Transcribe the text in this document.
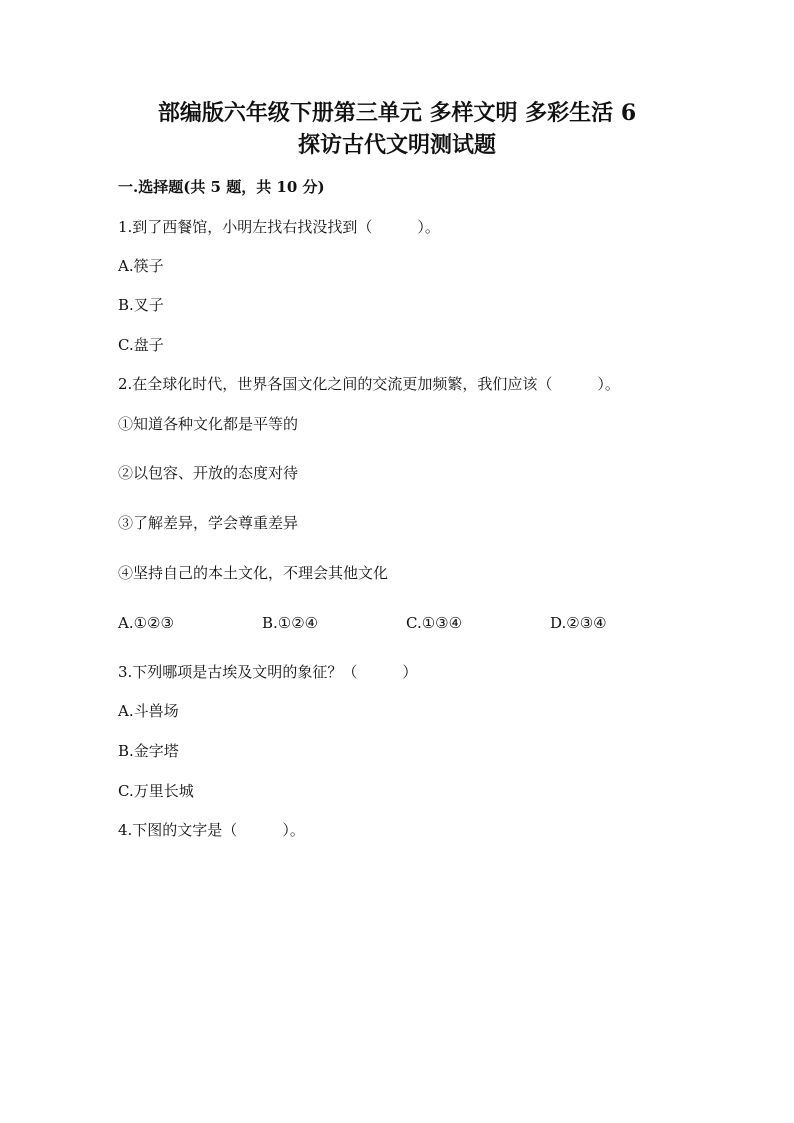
部编版六年级下册第三单元 多样文明 多彩生活 6
探访古代文明测试题
一.选择题(共 5 题，共 10 分)
1.到了西餐馆，小明左找右找没找到（　　　）。
A.筷子
B.叉子
C.盘子
2.在全球化时代，世界各国文化之间的交流更加频繁，我们应该（　　　）。
①知道各种文化都是平等的
②以包容、开放的态度对待
③了解差异，学会尊重差异
④坚持自己的本土文化，不理会其他文化
A.①②③	B.①②④	C.①③④	D.②③④
3.下列哪项是古埃及文明的象征？（　　　）
A.斗兽场
B.金字塔
C.万里长城
4.下图的文字是（　　　）。
